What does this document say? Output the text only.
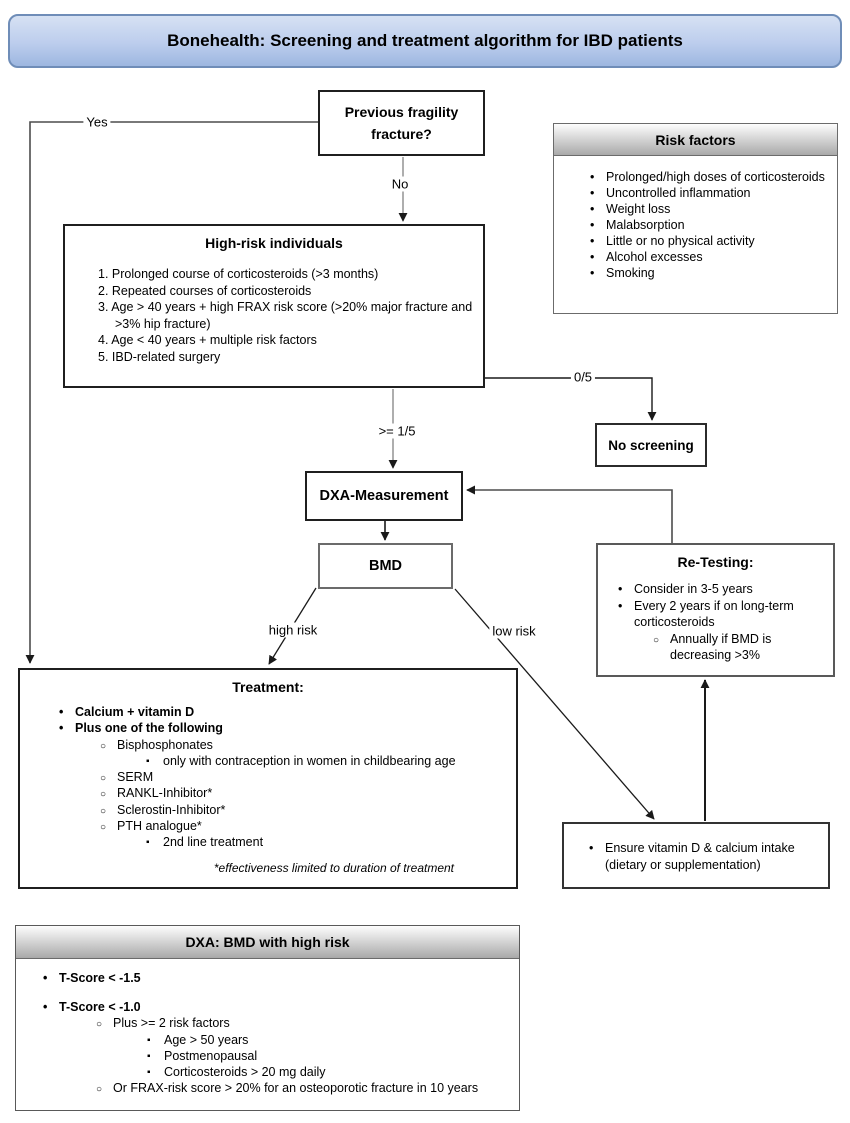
Bonehealth: Screening and treatment algorithm for IBD patients
Previous fragility fracture?	Risk factors
• Prolonged/high doses of corticosteroids
• Uncontrolled inflammation
• Weight loss
• Malabsorption
• Little or no physical activity
• Alcohol excesses
• Smoking
High-risk individuals
1. Prolonged course of corticosteroids (>3 months)
2. Repeated courses of corticosteroids
3. Age > 40 years + high FRAX risk score (>20% major fracture and >3% hip fracture)
4. Age < 40 years + multiple risk factors
5. IBD-related surgery
No screening
DXA-Measurement
BMD	Re-Testing:
• Consider in 3-5 years
• Every 2 years if on long-term corticosteroids
○ Annually if BMD is decreasing >3%
Treatment:
• Calcium + vitamin D
• Plus one of the following
○ Bisphosphonates
▪ only with contraception in women in childbearing age
○ SERM
○ RANKL-Inhibitor*
○ Sclerostin-Inhibitor*
○ PTH analogue*
▪ 2nd line treatment
*effectiveness limited to duration of treatment
• Ensure vitamin D & calcium intake (dietary or supplementation)
DXA: BMD with high risk
• T-Score < -1.5
• T-Score < -1.0
○ Plus >= 2 risk factors
▪ Age > 50 years
▪ Postmenopausal
▪ Corticosteroids > 20 mg daily
○ Or FRAX-risk score > 20% for an osteoporotic fracture in 10 years
Yes
No
0/5
>= 1/5
high risk	low risk
